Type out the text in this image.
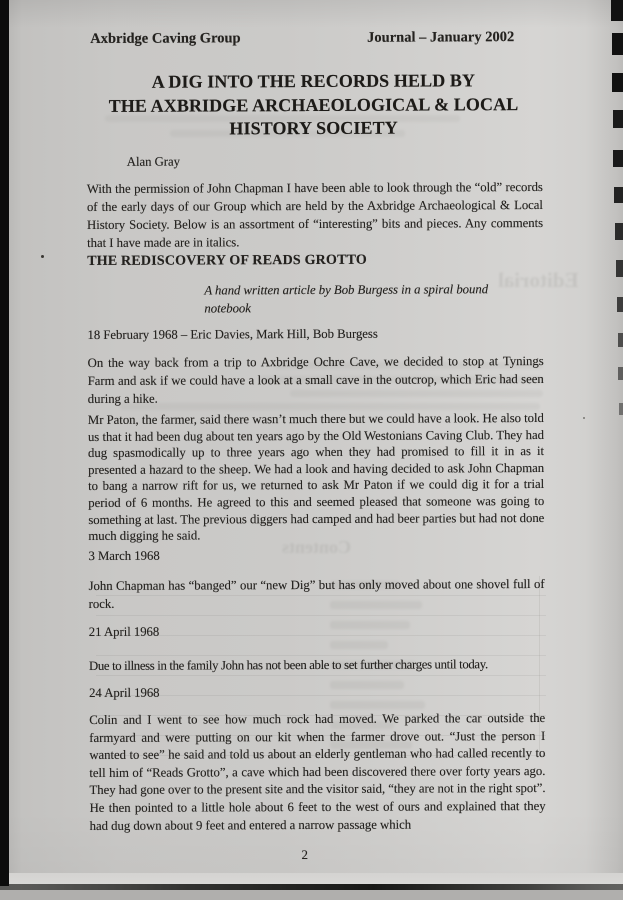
Editorial
Contents
Axbridge Caving Group	Journal – January 2002
A DIG INTO THE RECORDS HELD BY
THE AXBRIDGE ARCHAEOLOGICAL & LOCAL
HISTORY SOCIETY
Alan Gray
With the permission of John Chapman I have been able to look through the “old” records of the early days of our Group which are held by the Axbridge Archaeological & Local History Society. Below is an assortment of “interesting” bits and pieces. Any comments that I have made are in italics.
THE REDISCOVERY OF READS GROTTO
A hand written article by Bob Burgess in a spiral bound
notebook
18 February 1968 – Eric Davies, Mark Hill, Bob Burgess
On the way back from a trip to Axbridge Ochre Cave, we decided to stop at Tynings Farm and ask if we could have a look at a small cave in the outcrop, which Eric had seen during a hike.
Mr Paton, the farmer, said there wasn’t much there but we could have a look. He also told us that it had been dug about ten years ago by the Old Westonians Caving Club. They had dug spasmodically up to three years ago when they had promised to fill it in as it presented a hazard to the sheep. We had a look and having decided to ask John Chapman to bang a narrow rift for us, we returned to ask Mr Paton if we could dig it for a trial period of 6 months. He agreed to this and seemed pleased that someone was going to something at last. The previous diggers had camped and had beer parties but had not done much digging he said.
3 March 1968
John Chapman has “banged” our “new Dig” but has only moved about one shovel full of rock.
21 April 1968
Due to illness in the family John has not been able to set further charges until today.
24 April 1968
Colin and I went to see how much rock had moved. We parked the car outside the farmyard and were putting on our kit when the farmer drove out. “Just the person I wanted to see” he said and told us about an elderly gentleman who had called recently to tell him of “Reads Grotto”, a cave which had been discovered there over forty years ago. They had gone over to the present site and the visitor said, “they are not in the right spot”. He then pointed to a little hole about 6 feet to the west of ours and explained that they had dug down about 9 feet and entered a narrow passage which
2
